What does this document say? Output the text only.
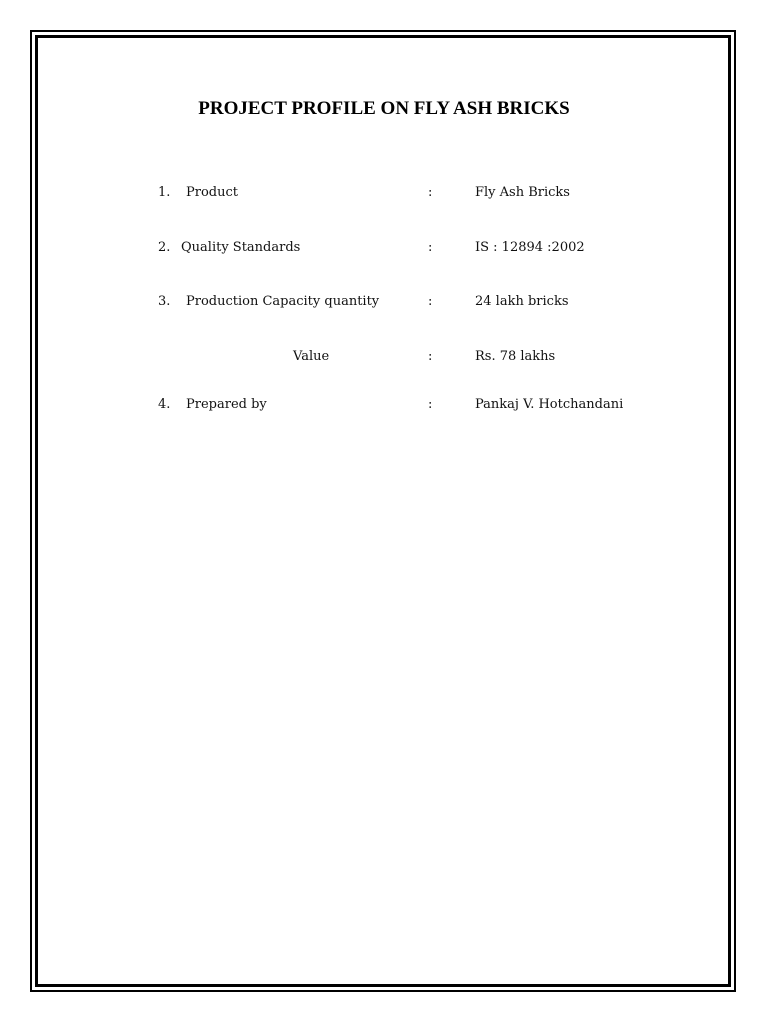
PROJECT PROFILE ON FLY ASH BRICKS
1. Product	:	Fly Ash Bricks
2. Quality Standards	:	IS : 12894 :2002
3. Production Capacity quantity	:	24 lakh bricks
Value	:	Rs. 78 lakhs
4. Prepared by	:	Pankaj V. Hotchandani
